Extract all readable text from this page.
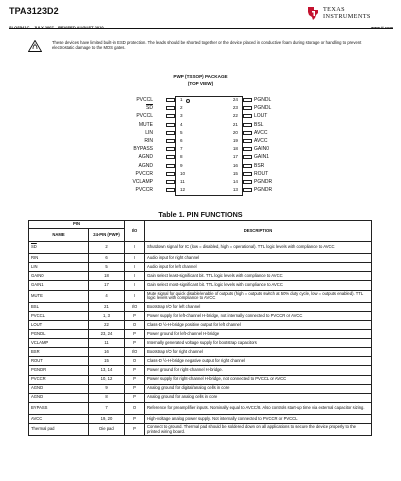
TPA3123D2	TEXAS
INSTRUMENTS
These devices have limited built-in ESD protection. The leads should be shorted together or the device placed in conductive foam during storage or handling to prevent electrostatic damage to the MOS gates.
PWP (TSSOP) PACKAGE
(TOP VIEW)
PVCCL	1
$\overline{SD}$	2
PVCCL	3
MUTE	4
LIN	5
RIN	6
BYPASS	7
AGND	8
AGND	9
PVCCR	10
VCLAMP	11
PVCCR	12
24	PGNDL
23	PGNDL
22	LOUT
21	BSL
20	AVCC
19	AVCC
18	GAIN0
17	GAIN1
16	BSR
15	ROUT
14	PGNDR
13	PGNDR
Table 1. PIN FUNCTIONS
PIN		I/O	DESCRIPTION
NAME	24-PIN (PWP)		
$\overline{SD}$	2	I	Shutdown signal for IC (low = disabled, high = operational). TTL logic levels with compliance to AVCC
RIN	6	I	Audio input for right channel
LIN	5	I	Audio input for left channel
GAIN0	18	I	Gain select least-significant bit. TTL logic levels with compliance to AVCC
GAIN1	17	I	Gain select most-significant bit. TTL logic levels with compliance to AVCC
MUTE	4	I	Mute signal for quick disable/enable of outputs (high = outputs switch at 50% duty cycle, low = outputs enabled). TTL logic levels with compliance to AVCC
BSL	21	I/O	Bootstrap I/O for left channel
PVCCL	1, 3	P	Power supply for left-channel H-bridge, not internally connected to PVCCR or AVCC
LOUT	22	O	Class-D ½-H-bridge positive output for left channel
PGNDL	23, 24	P	Power ground for left-channel H-bridge
VCLAMP	11	P	Internally generated voltage supply for bootstrap capacitors
BSR	16	I/O	Bootstrap I/O for right channel
ROUT	15	O	Class-D ½-H-bridge negative output for right channel
PGNDR	13, 14	P	Power ground for right-channel H-bridge.
PVCCR	10, 12	P	Power supply for right-channel H-bridge, not connected to PVCCL or AVCC
AGND	9	P	Analog ground for digital/analog cells in core
AGND	8	P	Analog ground for analog cells in core
BYPASS	7	O	Reference for preamplifier inputs. Nominally equal to AVCC/8. Also controls start-up time via external capacitor sizing.
AVCC	19, 20	P	High-voltage analog power supply. Not internally connected to PVCCR or PVCCL
Thermal pad	Die pad	P	Connect to ground. Thermal pad should be soldered down on all applications to secure the device properly to the printed wiring board.
